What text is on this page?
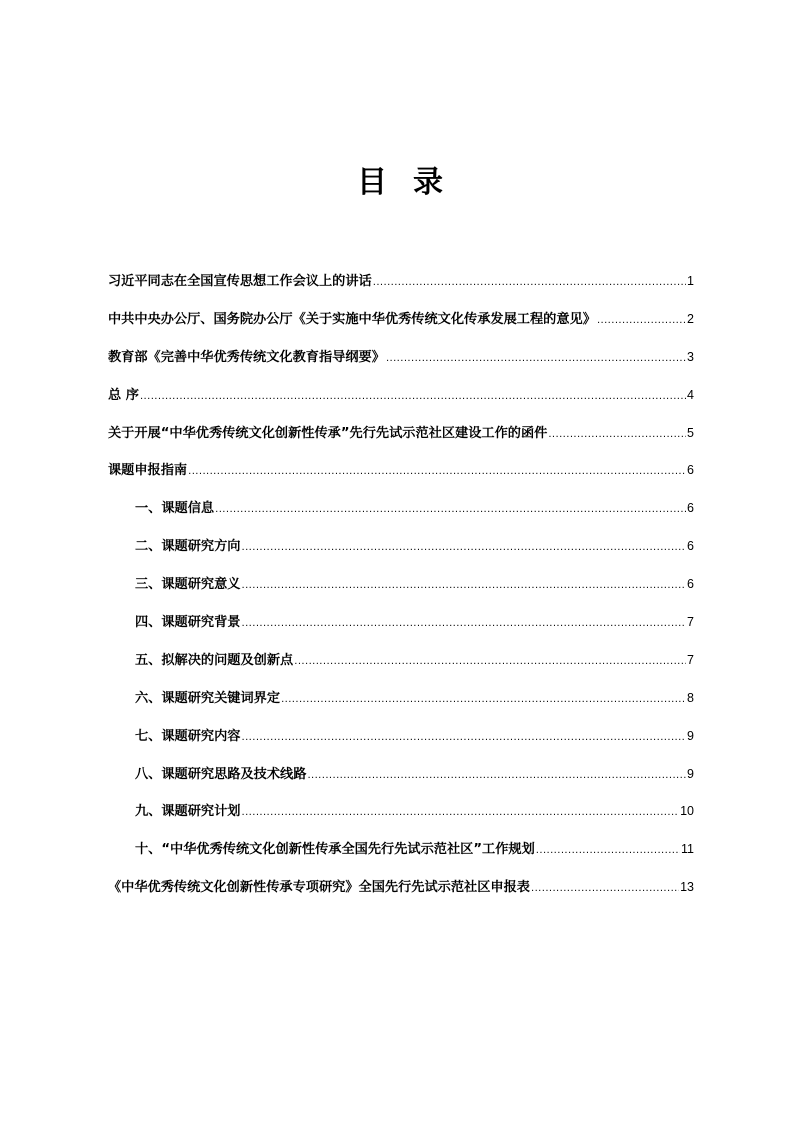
目录
习近平同志在全国宣传思想工作会议上的讲话 .....	1
中共中央办公厅、国务院办公厅《关于实施中华优秀传统文化传承发展工程的意见》 .....	2
教育部《完善中华优秀传统文化教育指导纲要》 .....	3
总 序 .....	4
关于开展“中华优秀传统文化创新性传承”先行先试示范社区建设工作的函件 .....	5
课题申报指南 .....	6
一、课题信息 .....	6
二、课题研究方向 .....	6
三、课题研究意义 .....	6
四、课题研究背景 .....	7
五、拟解决的问题及创新点 .....	7
六、课题研究关键词界定 .....	8
七、课题研究内容 .....	9
八、课题研究思路及技术线路 .....	9
九、课题研究计划 .....	10
十、“中华优秀传统文化创新性传承全国先行先试示范社区”工作规划 .....	11
《中华优秀传统文化创新性传承专项研究》全国先行先试示范社区申报表 .....	13
